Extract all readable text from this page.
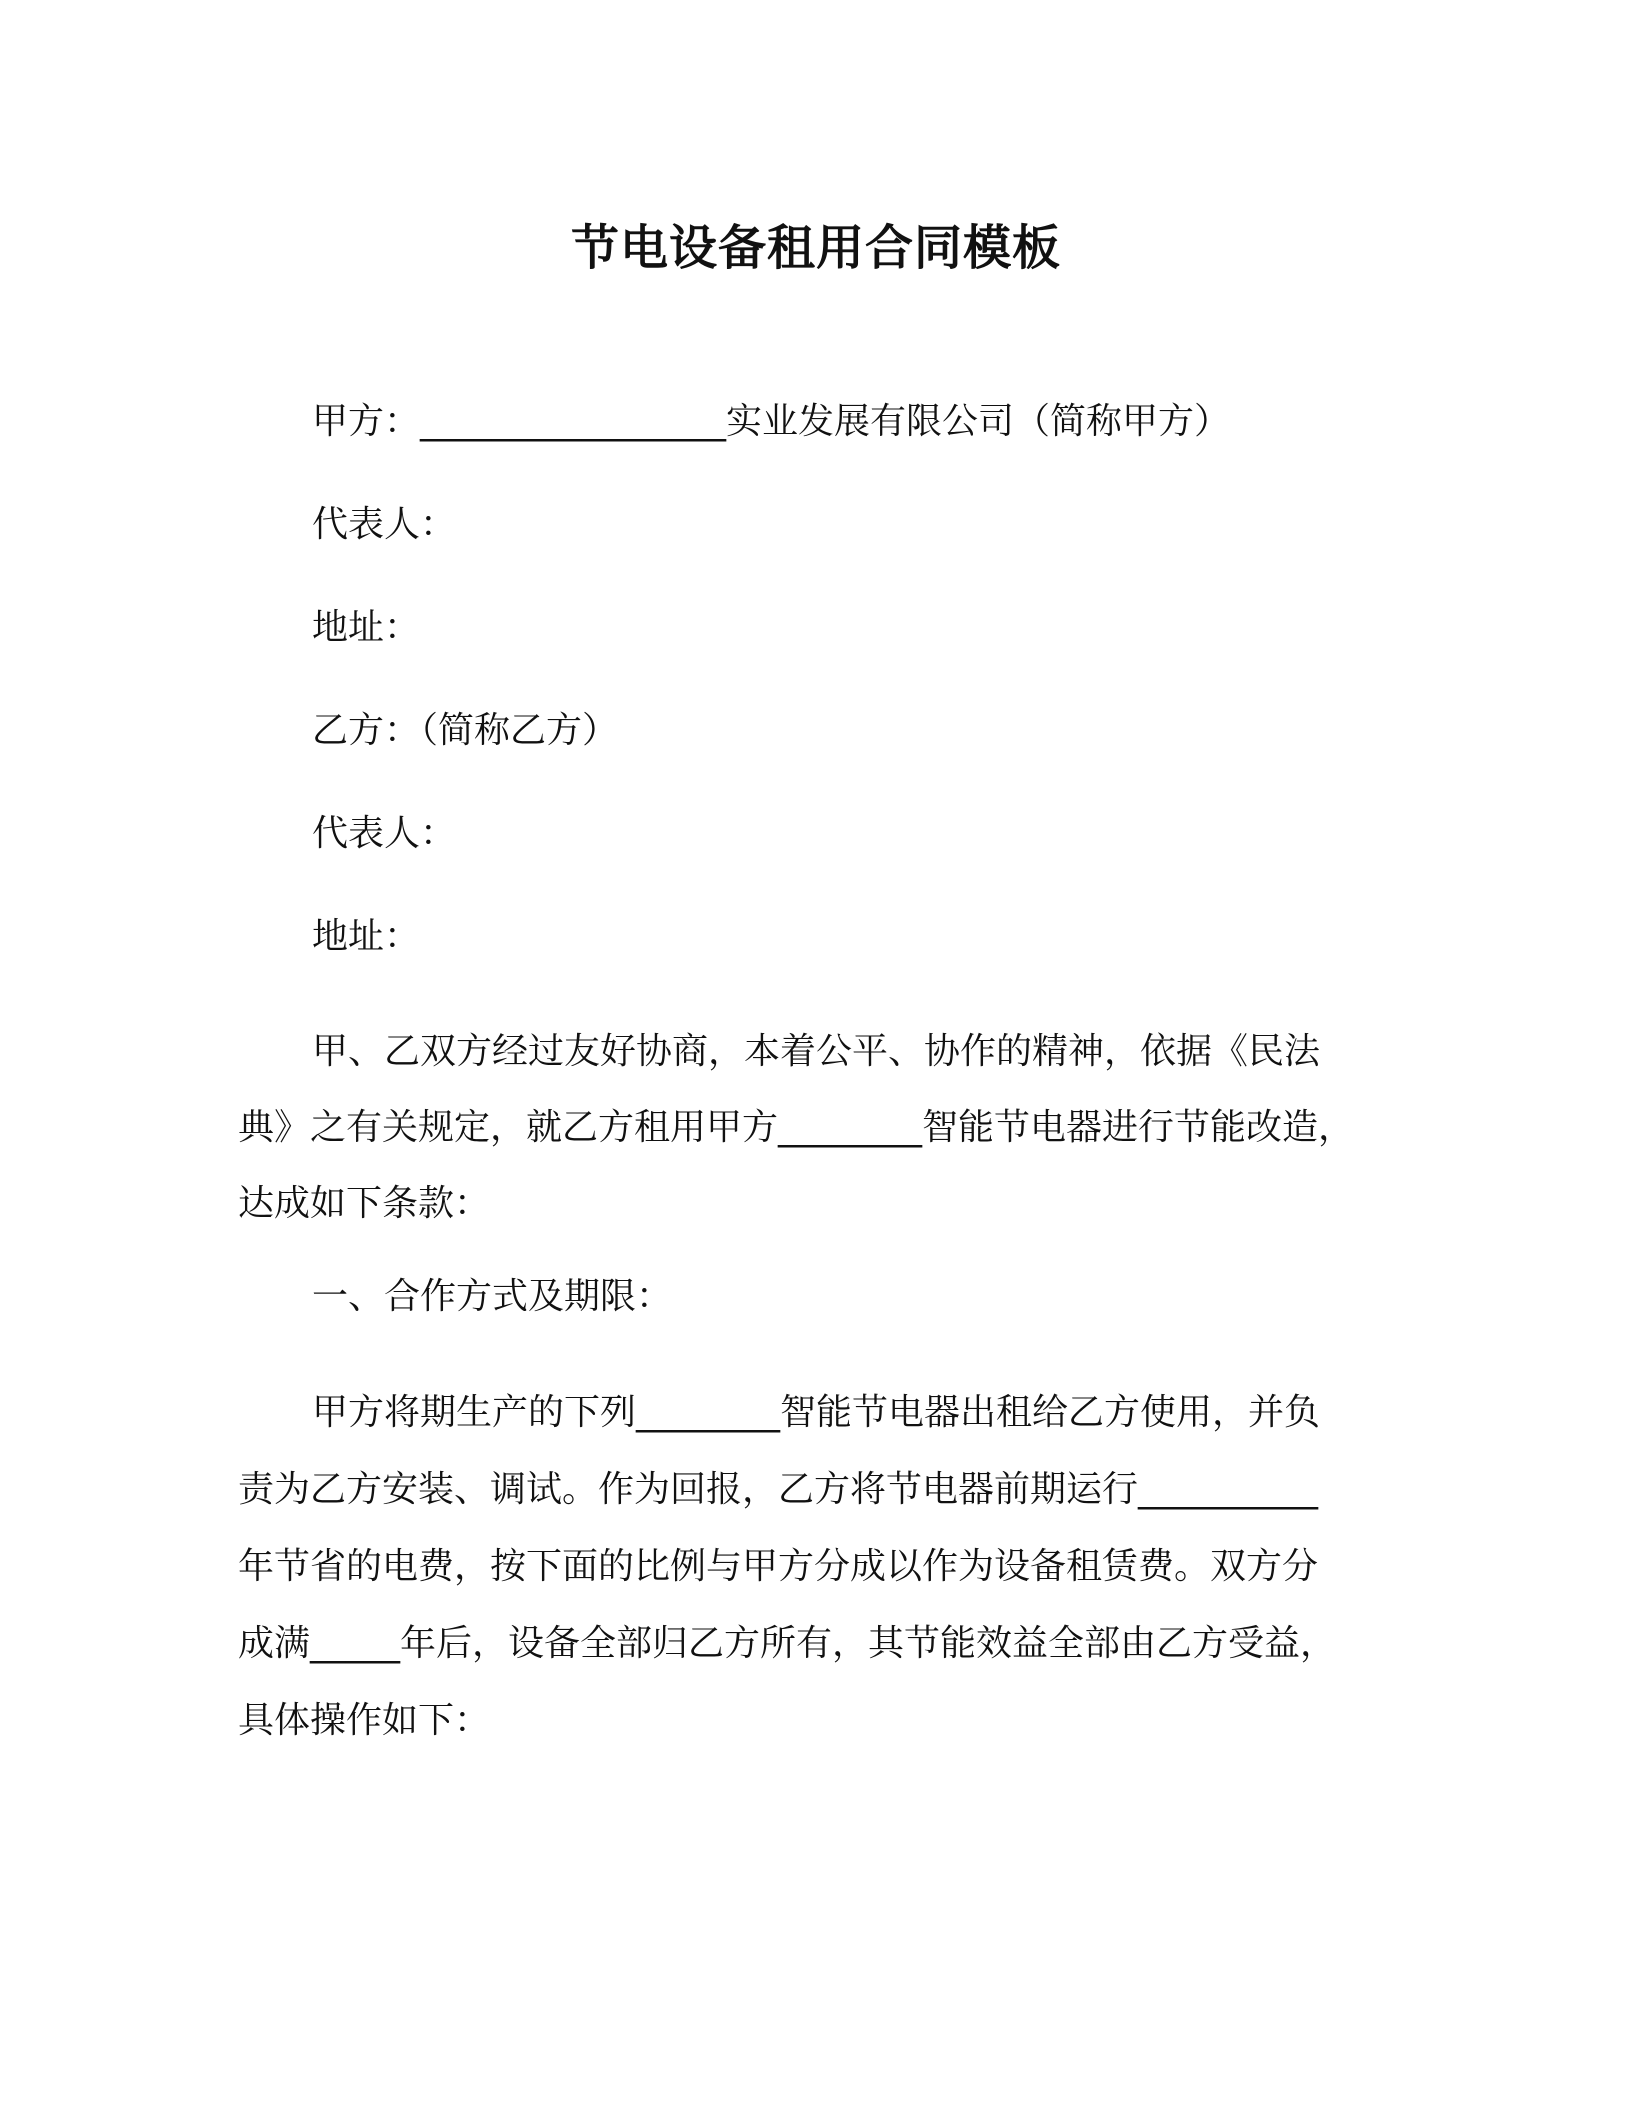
节电设备租用合同模板
甲方：_________________实业发展有限公司（简称甲方）
代表人：
地址：
乙方：（简称乙方）
代表人：
地址：
甲、乙双方经过友好协商，本着公平、协作的精神，依据《民法
典》之有关规定，就乙方租用甲方________智能节电器进行节能改造，
达成如下条款：
一、合作方式及期限：
甲方将期生产的下列________智能节电器出租给乙方使用，并负
责为乙方安装、调试。作为回报，乙方将节电器前期运行__________
年节省的电费，按下面的比例与甲方分成以作为设备租赁费。双方分
成满_____年后，设备全部归乙方所有，其节能效益全部由乙方受益，
具体操作如下：
